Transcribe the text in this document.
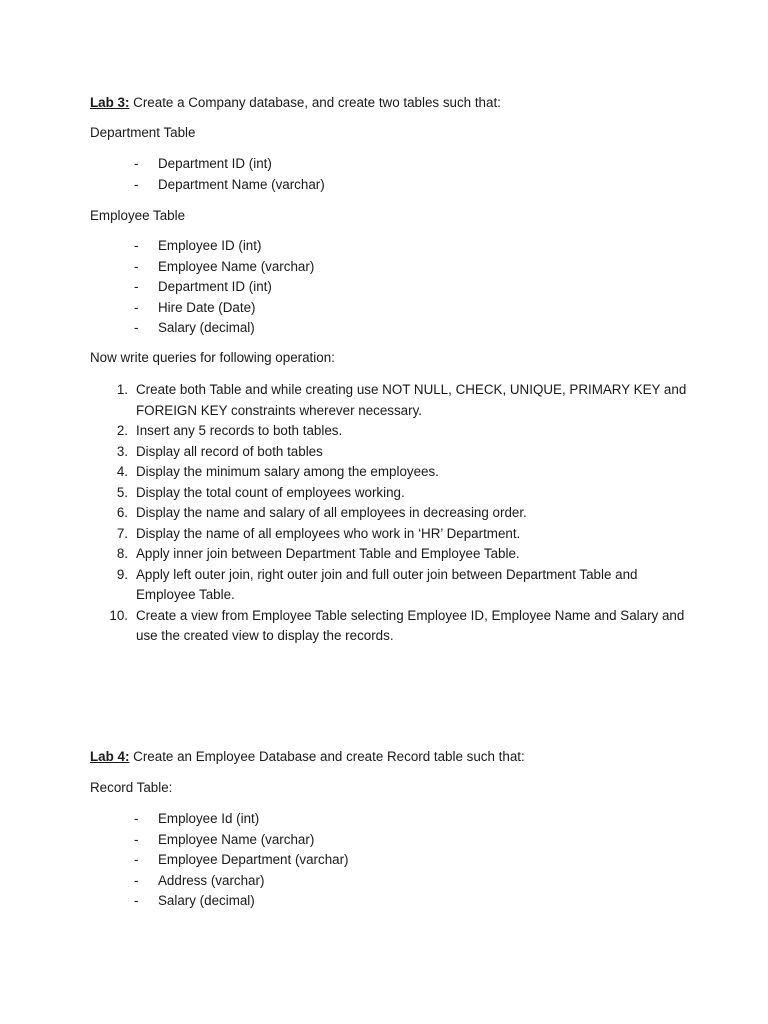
Lab 3: Create a Company database, and create two tables such that:

Department Table

- Department ID (int)
- Department Name (varchar)

Employee Table

- Employee ID (int)
- Employee Name (varchar)
- Department ID (int)
- Hire Date (Date)
- Salary (decimal)

Now write queries for following operation:

1. Create both Table and while creating use NOT NULL, CHECK, UNIQUE, PRIMARY KEY and FOREIGN KEY constraints wherever necessary.
2. Insert any 5 records to both tables.
3. Display all record of both tables
4. Display the minimum salary among the employees.
5. Display the total count of employees working.
6. Display the name and salary of all employees in decreasing order.
7. Display the name of all employees who work in ‘HR’ Department.
8. Apply inner join between Department Table and Employee Table.
9. Apply left outer join, right outer join and full outer join between Department Table and Employee Table.
10. Create a view from Employee Table selecting Employee ID, Employee Name and Salary and use the created view to display the records.

Lab 4: Create an Employee Database and create Record table such that:

Record Table:

- Employee Id (int)
- Employee Name (varchar)
- Employee Department (varchar)
- Address (varchar)
- Salary (decimal)
